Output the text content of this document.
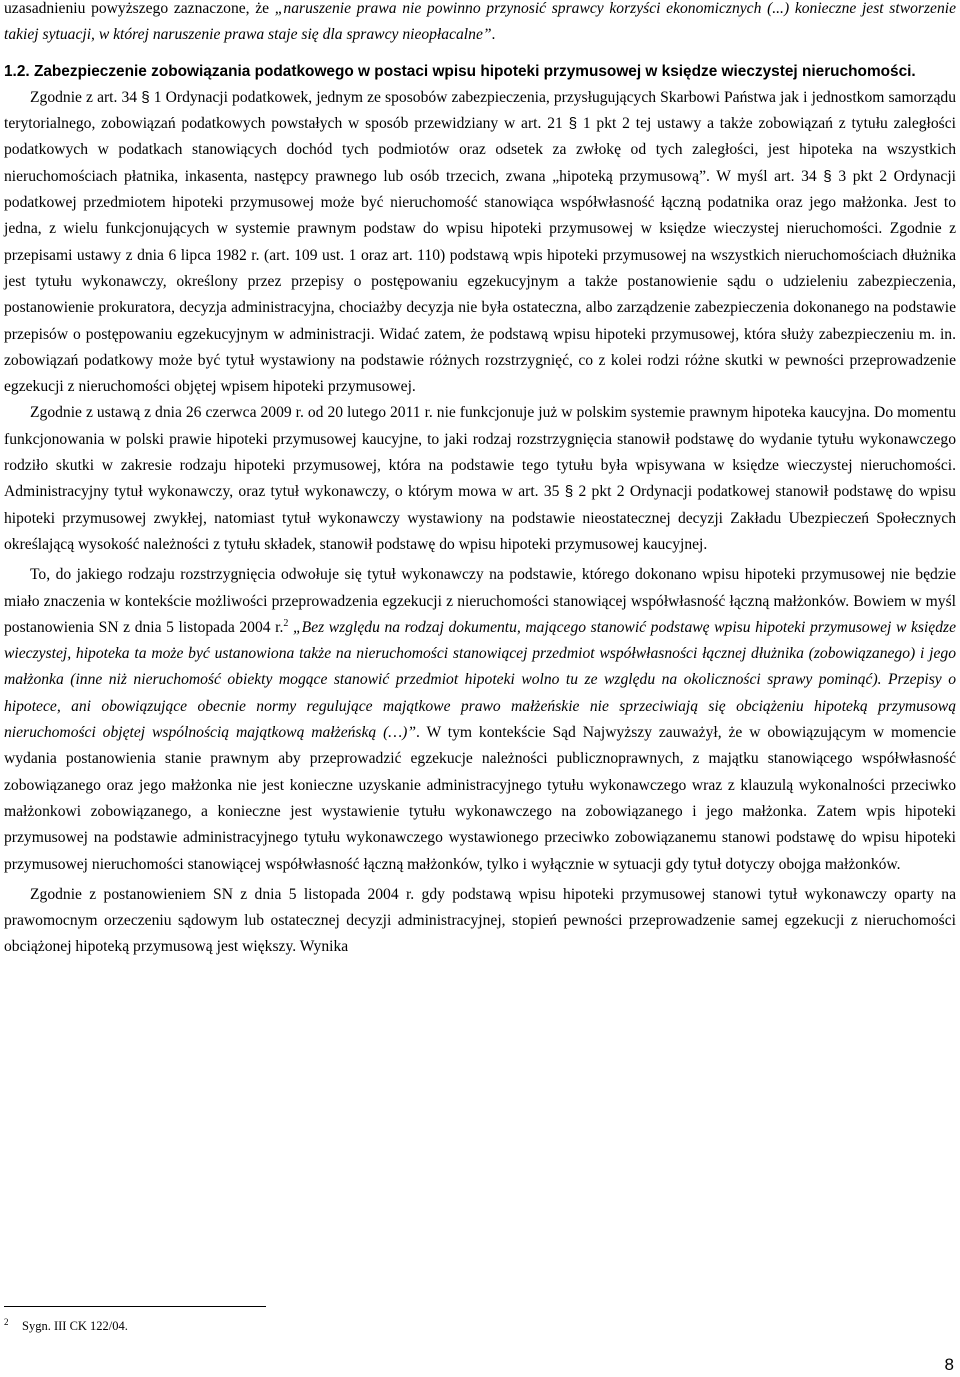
uzasadnieniu powyższego zaznaczone, że „naruszenie prawa nie powinno przynosić sprawcy korzyści ekonomicznych (...) konieczne jest stworzenie takiej sytuacji, w której naruszenie prawa staje się dla sprawcy nieopłacalne”.

1.2. Zabezpieczenie zobowiązania podatkowego w postaci wpisu hipoteki przymusowej w księdze wieczystej nieruchomości.

Zgodnie z art. 34 § 1 Ordynacji podatkowek, jednym ze sposobów zabezpieczenia, przysługujących Skarbowi Państwa jak i jednostkom samorządu terytorialnego, zobowiązań podatkowych powstałych w sposób przewidziany w art. 21 § 1 pkt 2 tej ustawy a także zobowiązań z tytułu zaległości podatkowych w podatkach stanowiących dochód tych podmiotów oraz odsetek za zwłokę od tych zaległości, jest hipoteka na wszystkich nieruchomościach płatnika, inkasenta, następcy prawnego lub osób trzecich, zwana „hipoteką przymusową”. W myśl art. 34 § 3 pkt 2 Ordynacji podatkowej przedmiotem hipoteki przymusowej może być nieruchomość stanowiąca współwłasność łączną podatnika oraz jego małżonka. Jest to jedna, z wielu funkcjonujących w systemie prawnym podstaw do wpisu hipoteki przymusowej w księdze wieczystej nieruchomości. Zgodnie z przepisami ustawy z dnia 6 lipca 1982 r. (art. 109 ust. 1 oraz art. 110) podstawą wpis hipoteki przymusowej na wszystkich nieruchomościach dłużnika jest tytułu wykonawczy, określony przez przepisy o postępowaniu egzekucyjnym a także postanowienie sądu o udzieleniu zabezpieczenia, postanowienie prokuratora, decyzja administracyjna, chociażby decyzja nie była ostateczna, albo zarządzenie zabezpieczenia dokonanego na podstawie przepisów o postępowaniu egzekucyjnym w administracji. Widać zatem, że podstawą wpisu hipoteki przymusowej, która służy zabezpieczeniu m. in. zobowiązań podatkowy może być tytuł wystawiony na podstawie różnych rozstrzygnięć, co z kolei rodzi różne skutki w pewności przeprowadzenie egzekucji z nieruchomości objętej wpisem hipoteki przymusowej.

Zgodnie z ustawą z dnia 26 czerwca 2009 r. od 20 lutego 2011 r. nie funkcjonuje już w polskim systemie prawnym hipoteka kaucyjna. Do momentu funkcjonowania w polski prawie hipoteki przymusowej kaucyjne, to jaki rodzaj rozstrzygnięcia stanowił podstawę do wydanie tytułu wykonawczego rodziło skutki w zakresie rodzaju hipoteki przymusowej, która na podstawie tego tytułu była wpisywana w księdze wieczystej nieruchomości. Administracyjny tytuł wykonawczy, oraz tytuł wykonawczy, o którym mowa w art. 35 § 2 pkt 2 Ordynacji podatkowej stanowił podstawę do wpisu hipoteki przymusowej zwykłej, natomiast tytuł wykonawczy wystawiony na podstawie nieostatecznej decyzji Zakładu Ubezpieczeń Społecznych określającą wysokość należności z tytułu składek, stanowił podstawę do wpisu hipoteki przymusowej kaucyjnej.

To, do jakiego rodzaju rozstrzygnięcia odwołuje się tytuł wykonawczy na podstawie, którego dokonano wpisu hipoteki przymusowej nie będzie miało znaczenia w kontekście możliwości przeprowadzenia egzekucji z nieruchomości stanowiącej współwłasność łączną małżonków. Bowiem w myśl postanowienia SN z dnia 5 listopada 2004 r.$^2$ „Bez względu na rodzaj dokumentu, mającego stanowić podstawę wpisu hipoteki przymusowej w księdze wieczystej, hipoteka ta może być ustanowiona także na nieruchomości stanowiącej przedmiot współwłasności łącznej dłużnika (zobowiązanego) i jego małżonka (inne niż nieruchomość obiekty mogące stanowić przedmiot hipoteki wolno tu ze względu na okoliczności sprawy pominąć). Przepisy o hipotece, ani obowiązujące obecnie normy regulujące majątkowe prawo małżeńskie nie sprzeciwiają się obciążeniu hipoteką przymusową nieruchomości objętej wspólnością majątkową małżeńską (…)”. W tym kontekście Sąd Najwyższy zauważył, że w obowiązującym w momencie wydania postanowienia stanie prawnym aby przeprowadzić egzekucje należności publicznoprawnych, z majątku stanowiącego współwłasność zobowiązanego oraz jego małżonka nie jest konieczne uzyskanie administracyjnego tytułu wykonawczego wraz z klauzulą wykonalności przeciwko małżonkowi zobowiązanego, a konieczne jest wystawienie tytułu wykonawczego na zobowiązanego i jego małżonka. Zatem wpis hipoteki przymusowej na podstawie administracyjnego tytułu wykonawczego wystawionego przeciwko zobowiązanemu stanowi podstawę do wpisu hipoteki przymusowej nieruchomości stanowiącej współwłasność łączną małżonków, tylko i wyłącznie w sytuacji gdy tytuł dotyczy obojga małżonków.

Zgodnie z postanowieniem SN z dnia 5 listopada 2004 r. gdy podstawą wpisu hipoteki przymusowej stanowi tytuł wykonawczy oparty na prawomocnym orzeczeniu sądowym lub ostatecznej decyzji administracyjnej, stopień pewności przeprowadzenie samej egzekucji z nieruchomości obciążonej hipoteką przymusową jest większy. Wynika

2 Sygn. III CK 122/04.
8
